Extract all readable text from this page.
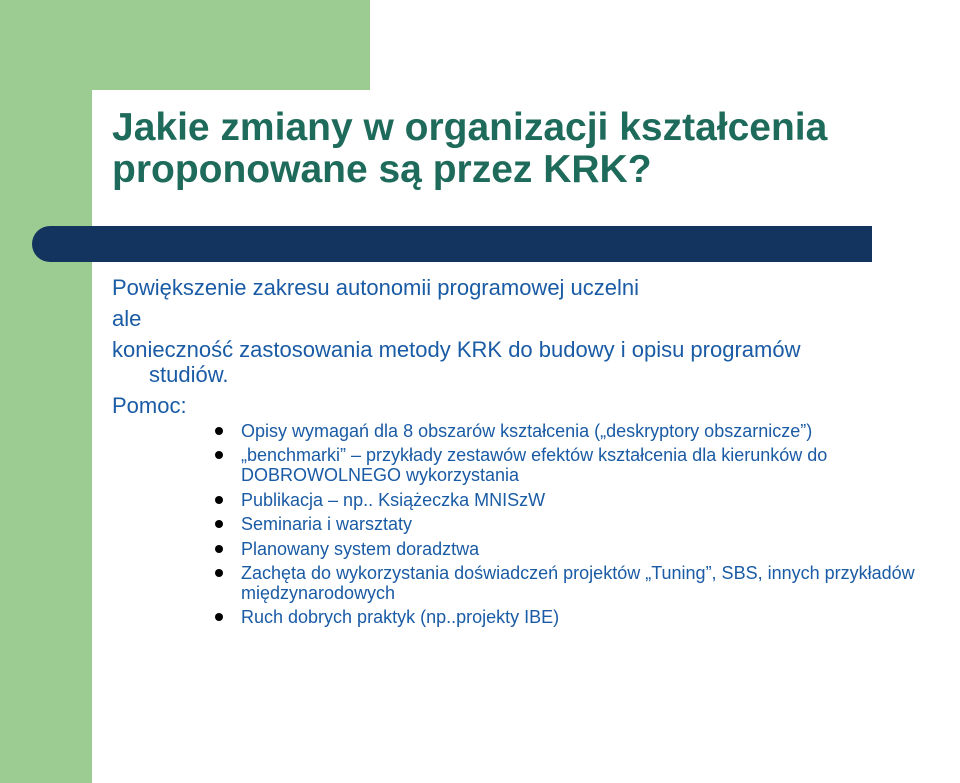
Jakie zmiany w organizacji kształcenia
proponowane są przez KRK?
Powiększenie zakresu autonomii programowej uczelni
ale
konieczność zastosowania metody KRK do budowy i opisu programów
studiów.
Pomoc:
Opisy wymagań dla 8 obszarów kształcenia („deskryptory obszarnicze”)
„benchmarki” – przykłady zestawów efektów kształcenia dla kierunków do DOBROWOLNEGO wykorzystania
Publikacja – np.. Książeczka MNISzW
Seminaria i warsztaty
Planowany system doradztwa
Zachęta do wykorzystania doświadczeń projektów „Tuning”, SBS, innych przykładów międzynarodowych
Ruch dobrych praktyk (np..projekty IBE)
